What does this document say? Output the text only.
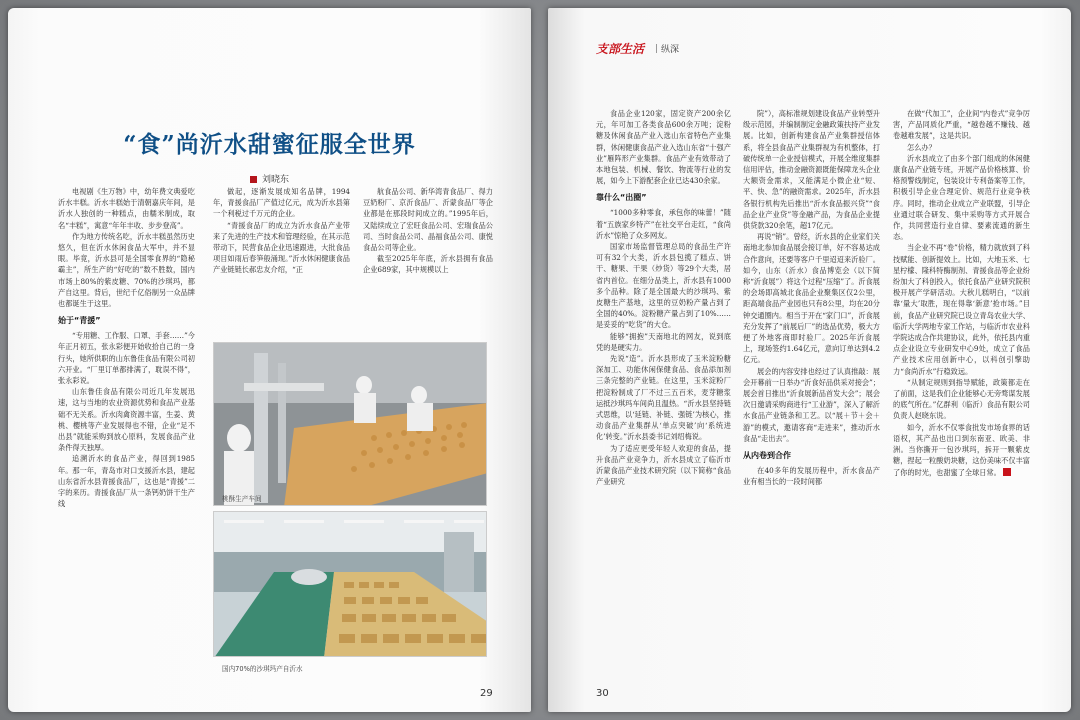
“食”尚沂水甜蜜征服全世界
刘晓东

电视剧《生万物》中，幼年费文典爱吃沂水丰糕。沂水丰糕始于清朝嘉庆年间，是沂水人独创的一种糕点，由糯米制成，取名“丰糕”，寓意“年年丰收、步步登高”。

作为地方传统名吃，沂水丰糕虽然历史悠久，但在沂水休闲食品大军中，并不显眼。毕竟，沂水县可是全国零食界的“隐秘霸主”，所生产的“好吃的”数不胜数，国内市场上80%的紫皮糖、70%的沙琪玛，都产自这里。背后，世纪千亿俗制另一众品牌也都诞生于这里。

始于“青援”

“专用糖、工作服、口罩、手套……”今年正月初五，张永彩便开始收拾自己的一身行头，她所供职的山东鲁佳食品有限公司初六开业。“厂里订单都排满了，耽误不得”，张永彩说。

山东鲁佳食品有限公司近几年发展迅速，这与当地的农业资源优势和食品产业基础不无关系。沂水肉禽资源丰富，生姜、黄桃、樱桃等产业发展得也不错，企业“足不出县”就能采购到放心原料，发展食品产业条件得天独厚。

追溯沂水的食品产业，得回到1985年。那一年，青岛市对口支援沂水县，建起山东省沂水县青援食品厂，这也是“青援”二字的来历。青援食品厂从一条钙奶饼干生产线

做起，逐渐发展成知名品牌，1994年，青援食品厂产值过亿元，成为沂水县第一个利税过千万元的企业。

“青援食品厂的成立为沂水食品产业带来了先进的生产技术和管理经验，在其示范带动下，民营食品企业迅速跟进，大批食品项目如雨后春笋般涌现。”沂水休闲健康食品产业链链长郝忠友介绍，“正

航食品公司、新华湾青食品厂、得力豆奶粉厂、京沂食品厂、沂蒙食品厂等企业都是在那段时间成立的。”1995年后，又陆续成立了宏旺食品公司、宏瑞食品公司、当时食品公司、晶福食品公司、康悦食品公司等企业。

截至2025年年底，沂水县拥有食品企业689家，其中规模以上

桃酥生产车间
国内70%的沙琪玛产自沂水
29
支部生活	纵深

食品企业120家，固定资产200余亿元，年可加工各类食品600余万吨；淀粉糖及休闲食品产业入选山东省特色产业集群，休闲健康食品产业入选山东省“十强产业”雁阵形产业集群。食品产业有效带动了本地包装、机械、餐饮、物流等行业的发展，如今上下游配套企业已达430余家。

靠什么“出圈”

“1000多种零食，承包你的味蕾！”随着“五族家乡特产”在社交平台走红，“食尚沂水”惊艳了众多网友。

国家市场监督管理总局的食品生产许可有32个大类，沂水县包揽了糕点、饼干、糖果、干果（炒货）等29个大类，居省内首位。在细分品类上，沂水县有1000多个品种。除了是全国最大的沙琪玛、紫皮糖生产基地，这里的豆奶粉产量占到了全国的40%。淀粉糖产量占到了10%……是妥妥的“吃货”的大仓。

能够“拥抱”天南地北的网友，说到底凭的是硬实力。

先说“造”。沂水县形成了玉米淀粉糖深加工、功能休闲保健食品、食品添加剂三条完整的产业链。在这里，玉米淀粉厂把淀粉制成了厂不过三五百米，麦芽糖浆运抵沙琪玛车间尚且温热。“沂水县坚持链式思维，以‘延链、补链、强链’为核心，推动食品产业集群从‘单点突破’向‘系统进化’转变。”沂水县委书记刘绍梅说。

为了适应更受年轻人欢迎的食品，提升食品产业竞争力，沂水县成立了临沂市沂蒙食品产业技术研究院（以下简称“食品产业研究

院”），高标准规划建设食品产业转型升级示范园，并编制制定金融政策扶持产业发展。比如，创新构建食品产业集群授信体系，将全县食品产业集群视为有机整体，打破传统单一企业授信模式，开展全维度集群信用评估，推动金融资源既能保障龙头企业大额资金需求，又能满足小微企业“短、平、快、急”的融资需求。2025年，沂水县各银行机构先后推出“沂水食品振兴贷”“食品企业产业贷”等金融产品，为食品企业提供贷款320余笔，超17亿元。

再说“销”。曾经，沂水县的企业家们关南地北参加食品展会接订单，好不容易达成合作意向，还要等客户千里迢迢来沂验厂。如今，山东（沂水）食品博览会（以下简称“沂食展”）将这个过程“压缩”了。沂食展的会场即高城北食品企业聚集区仅2公里，距高端食品产业园也只有8公里，均在20分钟交通圈内。相当于开在“家门口”，沂食展充分发挥了“前展后厂”的选品优势，极大方便了外地客商即时验厂。2025年沂食展上，现场签约1.64亿元，意向订单达到4.2亿元。

展会的内容安排也经过了认真推敲：展会开幕前一日举办“沂食好品供采对接会”；展会首日推出“沂食展新品首发大会”；展会次日邀请采购商进行“工业游”，深入了解沂水食品产业链条和工艺。以“展＋节＋会＋游”的模式，邀请客商“走进来”，推动沂水食品“走出去”。

从内卷到合作

在40多年的发展历程中，沂水食品产业有相当长的一段时间都

在做“代加工”，企业间“内卷式”竞争厉害，产品同质化严重，“越卷越不赚钱、越卷越难发展”，这是共识。

怎么办？

沂水县成立了由多个部门组成的休闲健康食品产业链专班，开展产品价格核算、价格预警线制定，包装设计专利备案等工作，积极引导企业合理定价、规范行业竞争秩序。同时，推动企业成立产业联盟，引导企业通过联合研发、集中采购等方式开展合作，共同营造行业自律、要素流通的新生态。

当企业不再“卷”价格，精力就放到了科技赋能、创新提效上。比如，大地玉米、七星柠檬、隆科特酶制剂、青援食品等企业纷纷加大了科创投入，依托食品产业研究院积极开展产学研活动。大秋儿糕明白，“以前靠‘量大’取胜，现在得靠‘新意’抢市场。”目前，食品产业研究院已设立青岛农业大学、临沂大学两地专家工作站，与临沂市农业科学院达成合作共建协议，此外，依托县内重点企业设立专业研发中心9处，成立了食品产业技术应用创新中心，以科创引擎助力“食尚沂水”行稳致远。

“从制定规则到指导赋能，政策都走在了前面，这是我们企业能够心无旁骛谋发展的底气所在。”亿群利（临沂）食品有限公司负责人赵晓东说。

如今，沂水不仅零食批发市场食界的话语权，其产品也出口到东南亚、欧美、非洲。当你撕开一包沙琪玛，拆开一颗紫皮糖，捏起一粒酸奶块糖，这份美味不仅丰富了你的时光，也甜蜜了全球日常。

30
